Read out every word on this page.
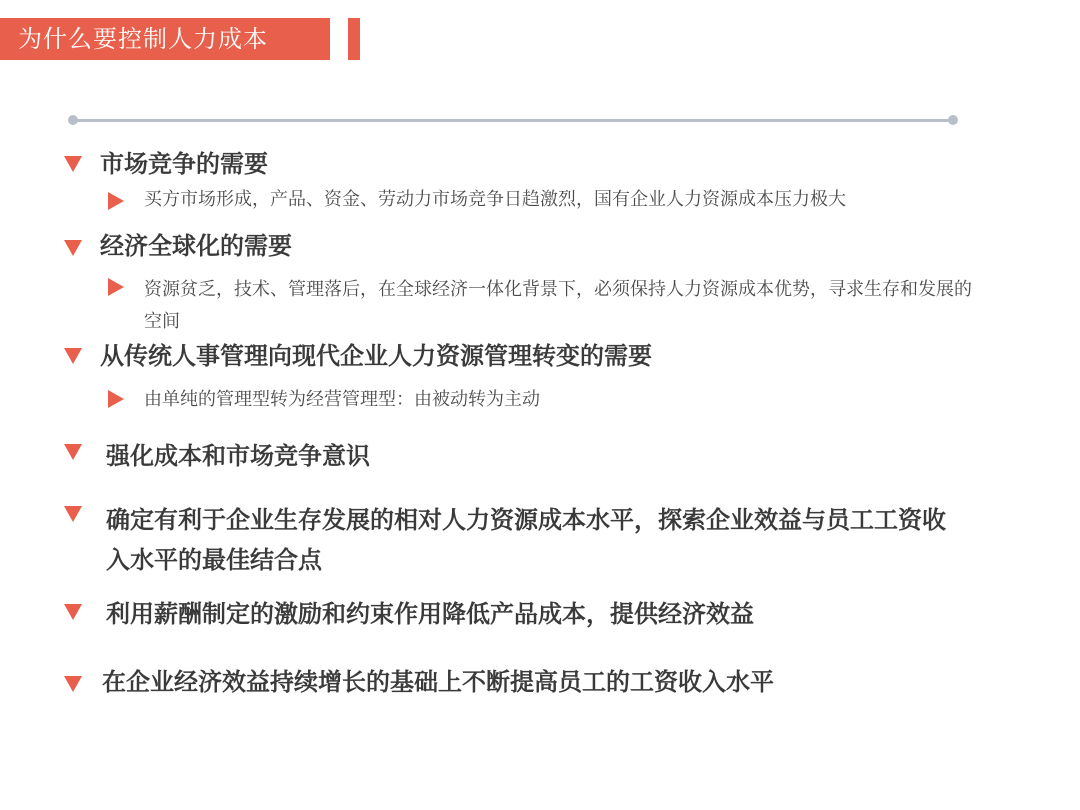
为什么要控制人力成本
市场竞争的需要
买方市场形成，产品、资金、劳动力市场竞争日趋激烈，国有企业人力资源成本压力极大
经济全球化的需要
资源贫乏，技术、管理落后，在全球经济一体化背景下，必须保持人力资源成本优势，寻求生存和发展的空间
从传统人事管理向现代企业人力资源管理转变的需要
由单纯的管理型转为经营管理型：由被动转为主动
强化成本和市场竞争意识
确定有利于企业生存发展的相对人力资源成本水平，探索企业效益与员工工资收入水平的最佳结合点
利用薪酬制定的激励和约束作用降低产品成本，提供经济效益
在企业经济效益持续增长的基础上不断提高员工的工资收入水平
